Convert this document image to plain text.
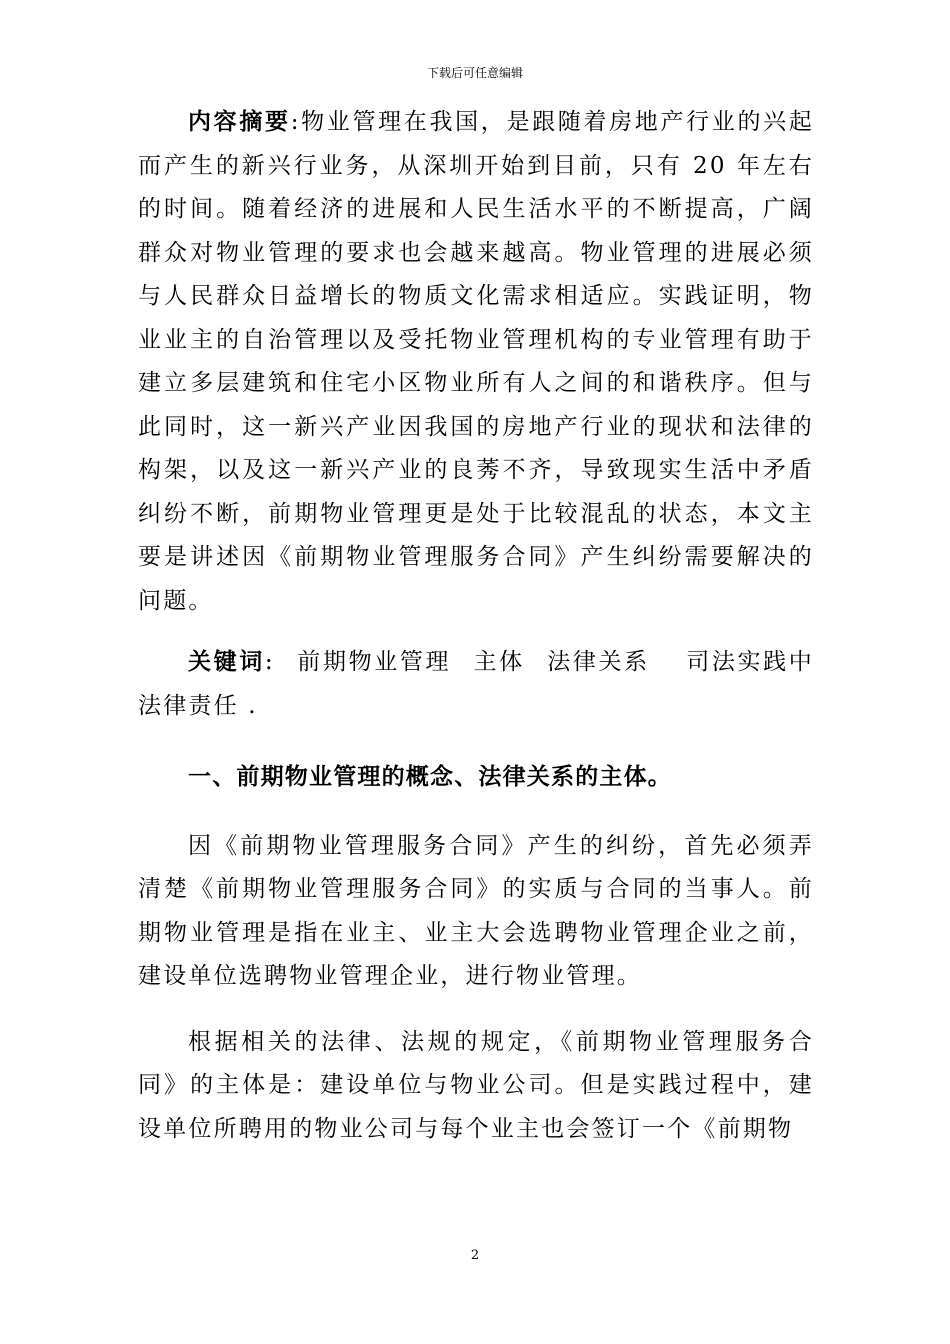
下载后可任意编辑

内容摘要:物业管理在我国，是跟随着房地产行业的兴起而产生的新兴行业务，从深圳开始到目前，只有 20 年左右的时间。随着经济的进展和人民生活水平的不断提高，广阔群众对物业管理的要求也会越来越高。物业管理的进展必须与人民群众日益增长的物质文化需求相适应。实践证明，物业业主的自治管理以及受托物业管理机构的专业管理有助于建立多层建筑和住宅小区物业所有人之间的和谐秩序。但与此同时，这一新兴产业因我国的房地产行业的现状和法律的构架，以及这一新兴产业的良莠不齐，导致现实生活中矛盾纠纷不断，前期物业管理更是处于比较混乱的状态，本文主要是讲述因《前期物业管理服务合同》产生纠纷需要解决的问题。

关键词: 前期物业管理 主体 法律关系 司法实践中 法律责任 .

一、前期物业管理的概念、法律关系的主体。

因《前期物业管理服务合同》产生的纠纷，首先必须弄清楚《前期物业管理服务合同》的实质与合同的当事人。前期物业管理是指在业主、业主大会选聘物业管理企业之前，建设单位选聘物业管理企业，进行物业管理。

根据相关的法律、法规的规定，《前期物业管理服务合同》的主体是：建设单位与物业公司。但是实践过程中，建设单位所聘用的物业公司与每个业主也会签订一个《前期物

2
